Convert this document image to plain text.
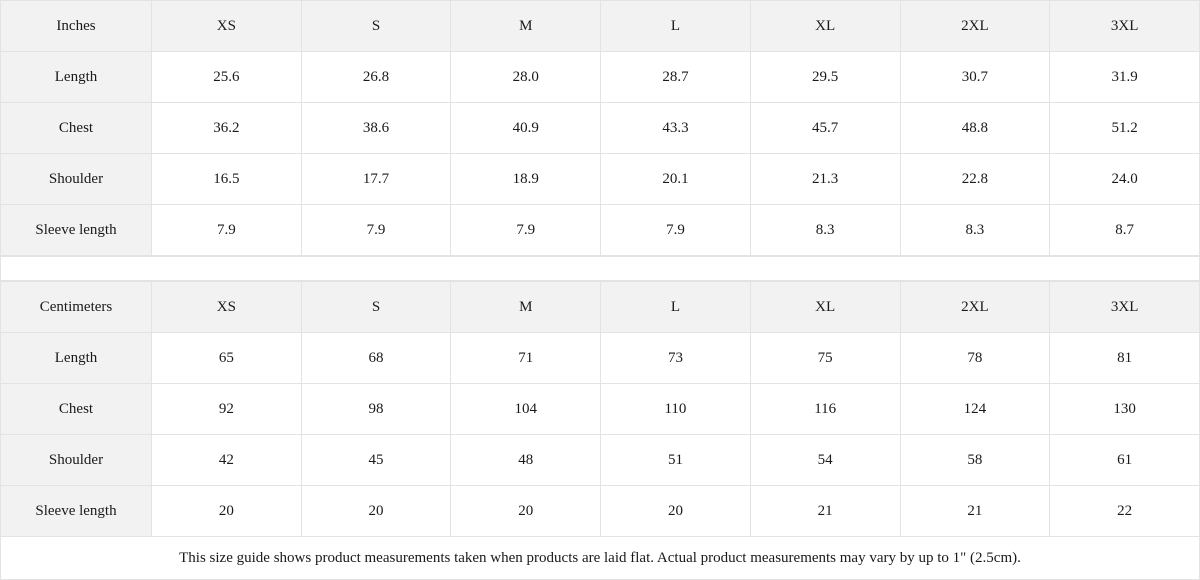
Inches	XS	S	M	L	XL	2XL	3XL
Length	25.6	26.8	28.0	28.7	29.5	30.7	31.9
Chest	36.2	38.6	40.9	43.3	45.7	48.8	51.2
Shoulder	16.5	17.7	18.9	20.1	21.3	22.8	24.0
Sleeve length	7.9	7.9	7.9	7.9	8.3	8.3	8.7
Centimeters	XS	S	M	L	XL	2XL	3XL
Length	65	68	71	73	75	78	81
Chest	92	98	104	110	116	124	130
Shoulder	42	45	48	51	54	58	61
Sleeve length	20	20	20	20	21	21	22
This size guide shows product measurements taken when products are laid flat. Actual product measurements may vary by up to 1" (2.5cm).
